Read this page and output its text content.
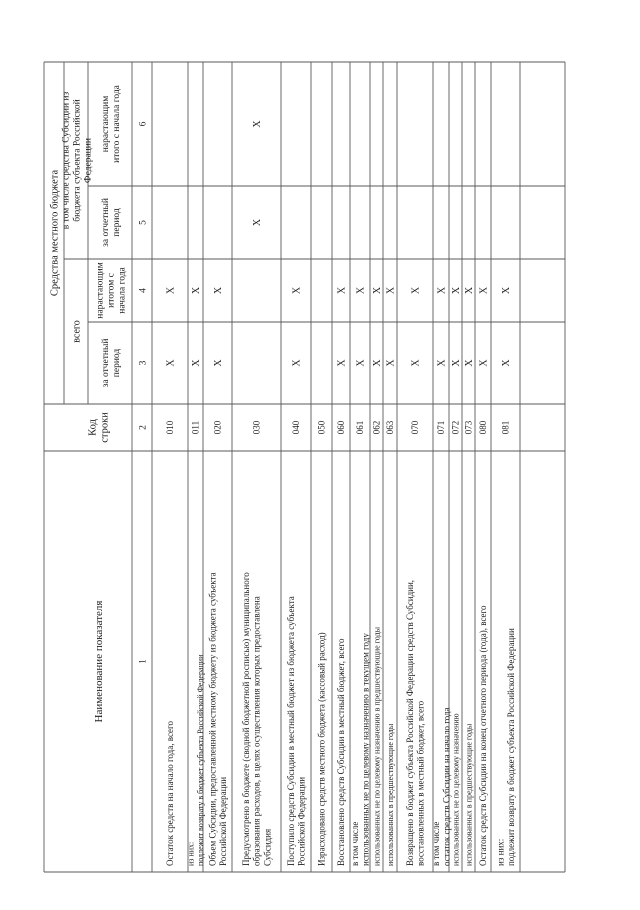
Наименование показателя
Кодстроки
Средства местного бюджета
всего
в том числе средства Субсидии избюджета субъекта РоссийскойФедерации
за отчетныйпериод
нарастающимитогом сначала года
за отчетныйпериод
нарастающимитого с начала года
1
2
3
4
5
6
Остаток средств на начало года, всего
010
X
X
из них:подлежит возврату в бюджет субъекта Российской Федерации
011
X
X
Объем Субсидии, предоставленной местному бюджету из бюджета субъектаРоссийской Федерации
020
X
X
Предусмотрено в бюджете (сводной бюджетной росписью) муниципальногообразования расходов, в целях осуществления которых предоставленаСубсидия
030
X
X
Поступило средств Субсидии в местный бюджет из бюджета субъектаРоссийской Федерации
040
X
X
Израсходовано средств местного бюджета (кассовый расход)
050
Восстановлено средств Субсидии в местный бюджет, всего
060
X
X
в том числеиспользованных не по целевому назначению в текущем году
061
X
X
использованных не по целевому назначению в предшествующие годы
062
X
X
использованных в предшествующие годы
063
X
X
Возвращено в бюджет субъекта Российской Федерации средств Субсидии,восстановленных в местный бюджет, всего
070
X
X
в том числеостаток средств Субсидии на начало года
071
X
X
использованных не по целевому назначению
072
X
X
использованных в предшествующие годы
073
X
X
Остаток средств Субсидии на конец отчетного периода (года), всего
080
X
X
из них:подлежит возврату в бюджет субъекта Российской Федерации
081
X
X
